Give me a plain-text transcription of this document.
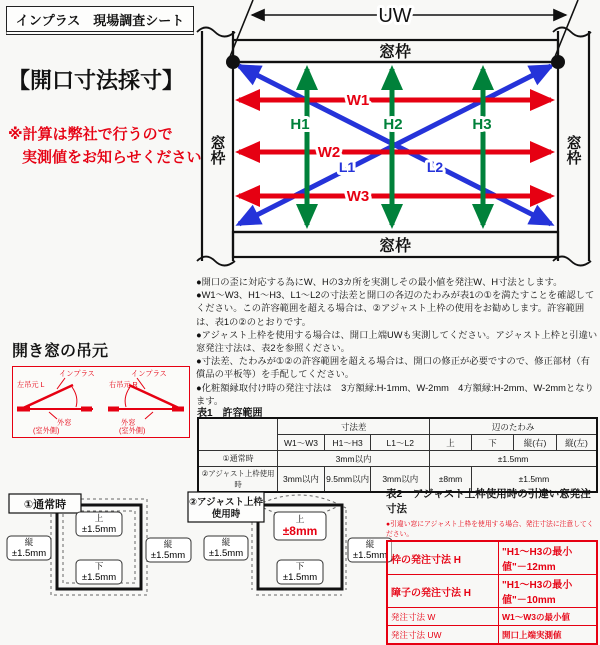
インプラス　現場調査シート
【開口寸法採寸】
※計算は弊社で行うので
実測値をお知らせください
UW
窓枠
窓枠
窓枠	窓枠
W1
W2
W3
H1	H2	H3
L1	L2
●開口の歪に対応する為にW、Hの3カ所を実測しその最小値を発注W、H寸法とします。
●W1～W3、H1～H3、L1～L2の寸法差と開口の各辺のたわみが表1の①を満たすことを確認してください。この許容範囲を超える場合は、②アジャスト上枠の使用をお勧めします。許容範囲は、表1の②のとおりです。
●アジャスト上枠を使用する場合は、開口上端UWも実測してください。アジャスト上枠と引違い窓発注寸法は、表2を参照ください。
●寸法差、たわみが①②の許容範囲を超える場合は、開口の修正が必要ですので、修正部材（有償品の平板等）を手配してください。
●化粧額縁取付け時の発注寸法は　3方額縁:H-1mm、W-2mm　4方額縁:H-2mm、W-2mmとなります。
開き窓の吊元
左吊元 L
インプラス
外窓
(室外側)
右吊元 R
インプラス
外窓
(室外側)
表1　許容範囲
	寸法差			辺のたわみ			
	W1～W3	H1～H3	L1～L2	上	下	縦(右)	縦(左)
①通常時	3mm以内			±1.5mm			
②アジャスト上枠使用時	3mm以内	9.5mm以内	3mm以内	±8mm	±1.5mm		
①通常時
上
±1.5mm
下
±1.5mm
縦
±1.5mm
縦
±1.5mm
②アジャスト上枠
使用時	上
±8mm
下
±1.5mm
縦
±1.5mm
縦
±1.5mm
表2　アジャスト上枠使用時の引違い窓発注寸法
●引違い窓にアジャスト上枠を使用する場合、発注寸法に注意してください。
枠の発注寸法 H	"H1～H3の最小値"－12mm
障子の発注寸法 H	"H1～H3の最小値"－10mm
発注寸法 W	W1～W3の最小値
発注寸法 UW	開口上端実測値
